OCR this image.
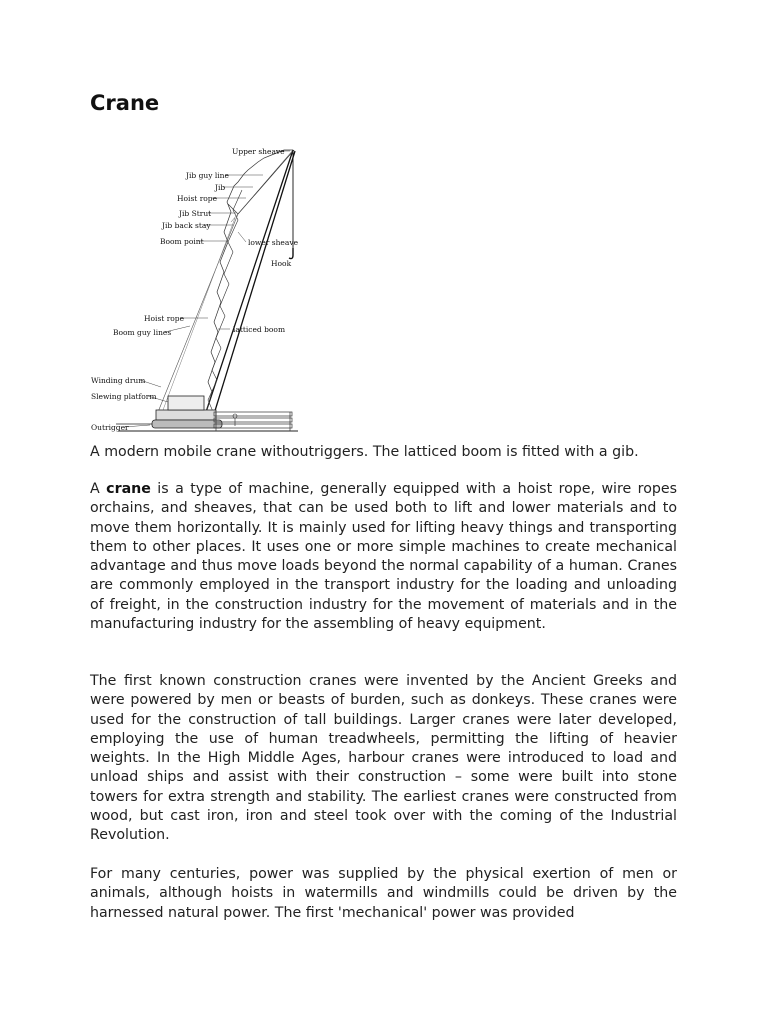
Crane
Upper sheave
Jib guy line
Jib
Hoist rope
Jib Strut
Jib back stay
Boom point	lower sheave
Hook
Hoist rope
Boom guy lines	latticed boom
Winding drum
Slewing platform
Outrigger

A modern mobile crane withoutriggers. The latticed boom is fitted with a gib.

A crane is a type of machine, generally equipped with a hoist rope, wire ropes orchains, and sheaves, that can be used both to lift and lower materials and to move them horizontally. It is mainly used for lifting heavy things and transporting them to other places. It uses one or more simple machines to create mechanical advantage and thus move loads beyond the normal capability of a human. Cranes are commonly employed in the transport industry for the loading and unloading of freight, in the construction industry for the movement of materials and in the manufacturing industry for the assembling of heavy equipment.

The first known construction cranes were invented by the Ancient Greeks and were powered by men or beasts of burden, such as donkeys. These cranes were used for the construction of tall buildings. Larger cranes were later developed, employing the use of human treadwheels, permitting the lifting of heavier weights. In the High Middle Ages, harbour cranes were introduced to load and unload ships and assist with their construction – some were built into stone towers for extra strength and stability. The earliest cranes were constructed from wood, but cast iron, iron and steel took over with the coming of the Industrial Revolution.

For many centuries, power was supplied by the physical exertion of men or animals, although hoists in watermills and windmills could be driven by the harnessed natural power. The first 'mechanical' power was provided
